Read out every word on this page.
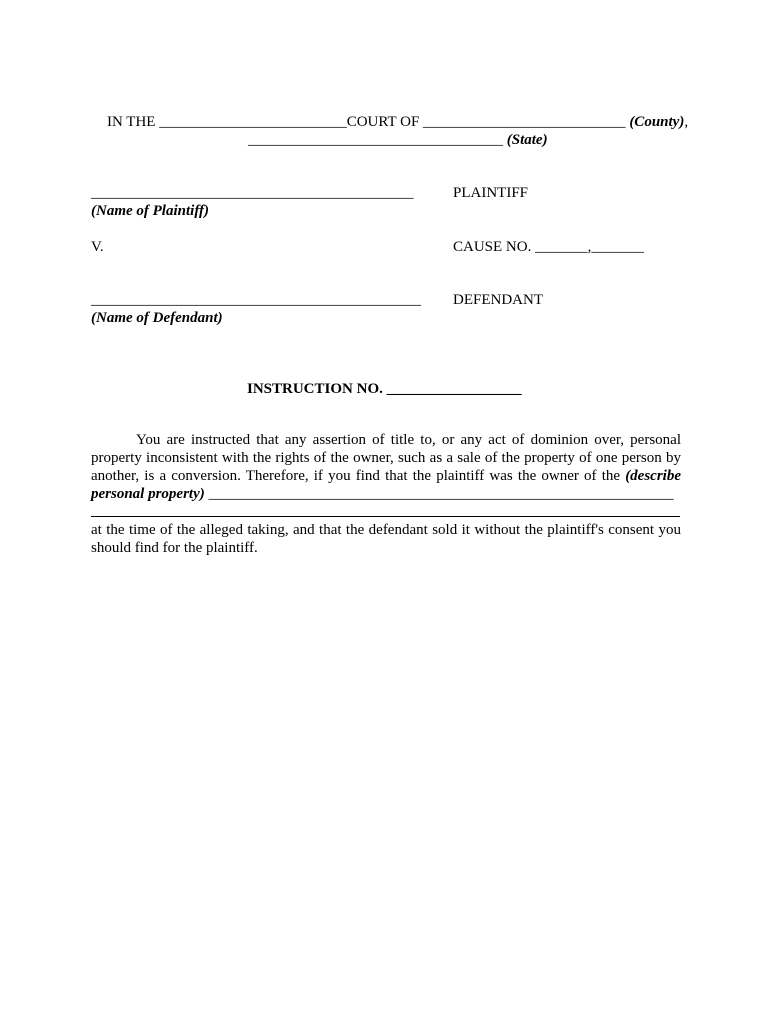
IN THE _________________________COURT OF ___________________________ (County),

__________________________________ (State)

___________________________________________	PLAINTIFF
(Name of Plaintiff)
V.	CAUSE NO. _______,_______
____________________________________________ DEFENDANT
(Name of Defendant)
INSTRUCTION NO. __________________
You are instructed that any assertion of title to, or any act of dominion over, personal property inconsistent with the rights of the owner, such as a sale of the property of one person by another, is a conversion. Therefore, if you find that the plaintiff was the owner of the (describe personal property) ______________________________________________________________
at the time of the alleged taking, and that the defendant sold it without the plaintiff's consent you should find for the plaintiff.
